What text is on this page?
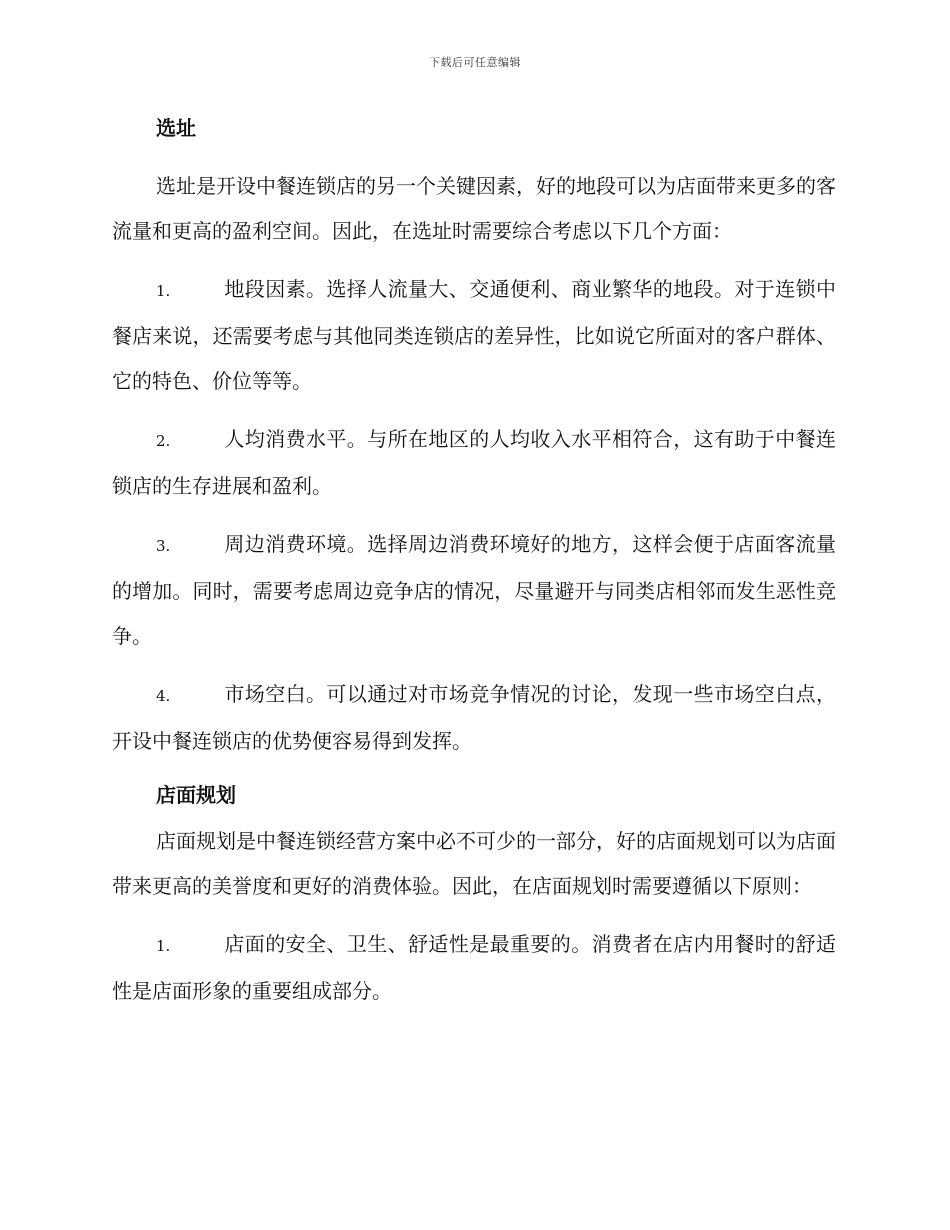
下载后可任意编辑
选址

选址是开设中餐连锁店的另一个关键因素，好的地段可以为店面带来更多的客流量和更高的盈利空间。因此，在选址时需要综合考虑以下几个方面：

1.	地段因素。选择人流量大、交通便利、商业繁华的地段。对于连锁中餐店来说，还需要考虑与其他同类连锁店的差异性，比如说它所面对的客户群体、它的特色、价位等等。

2.	人均消费水平。与所在地区的人均收入水平相符合，这有助于中餐连锁店的生存进展和盈利。

3.	周边消费环境。选择周边消费环境好的地方，这样会便于店面客流量的增加。同时，需要考虑周边竞争店的情况，尽量避开与同类店相邻而发生恶性竞争。

4.	市场空白。可以通过对市场竞争情况的讨论，发现一些市场空白点，开设中餐连锁店的优势便容易得到发挥。

店面规划

店面规划是中餐连锁经营方案中必不可少的一部分，好的店面规划可以为店面带来更高的美誉度和更好的消费体验。因此，在店面规划时需要遵循以下原则：

1.	店面的安全、卫生、舒适性是最重要的。消费者在店内用餐时的舒适性是店面形象的重要组成部分。
